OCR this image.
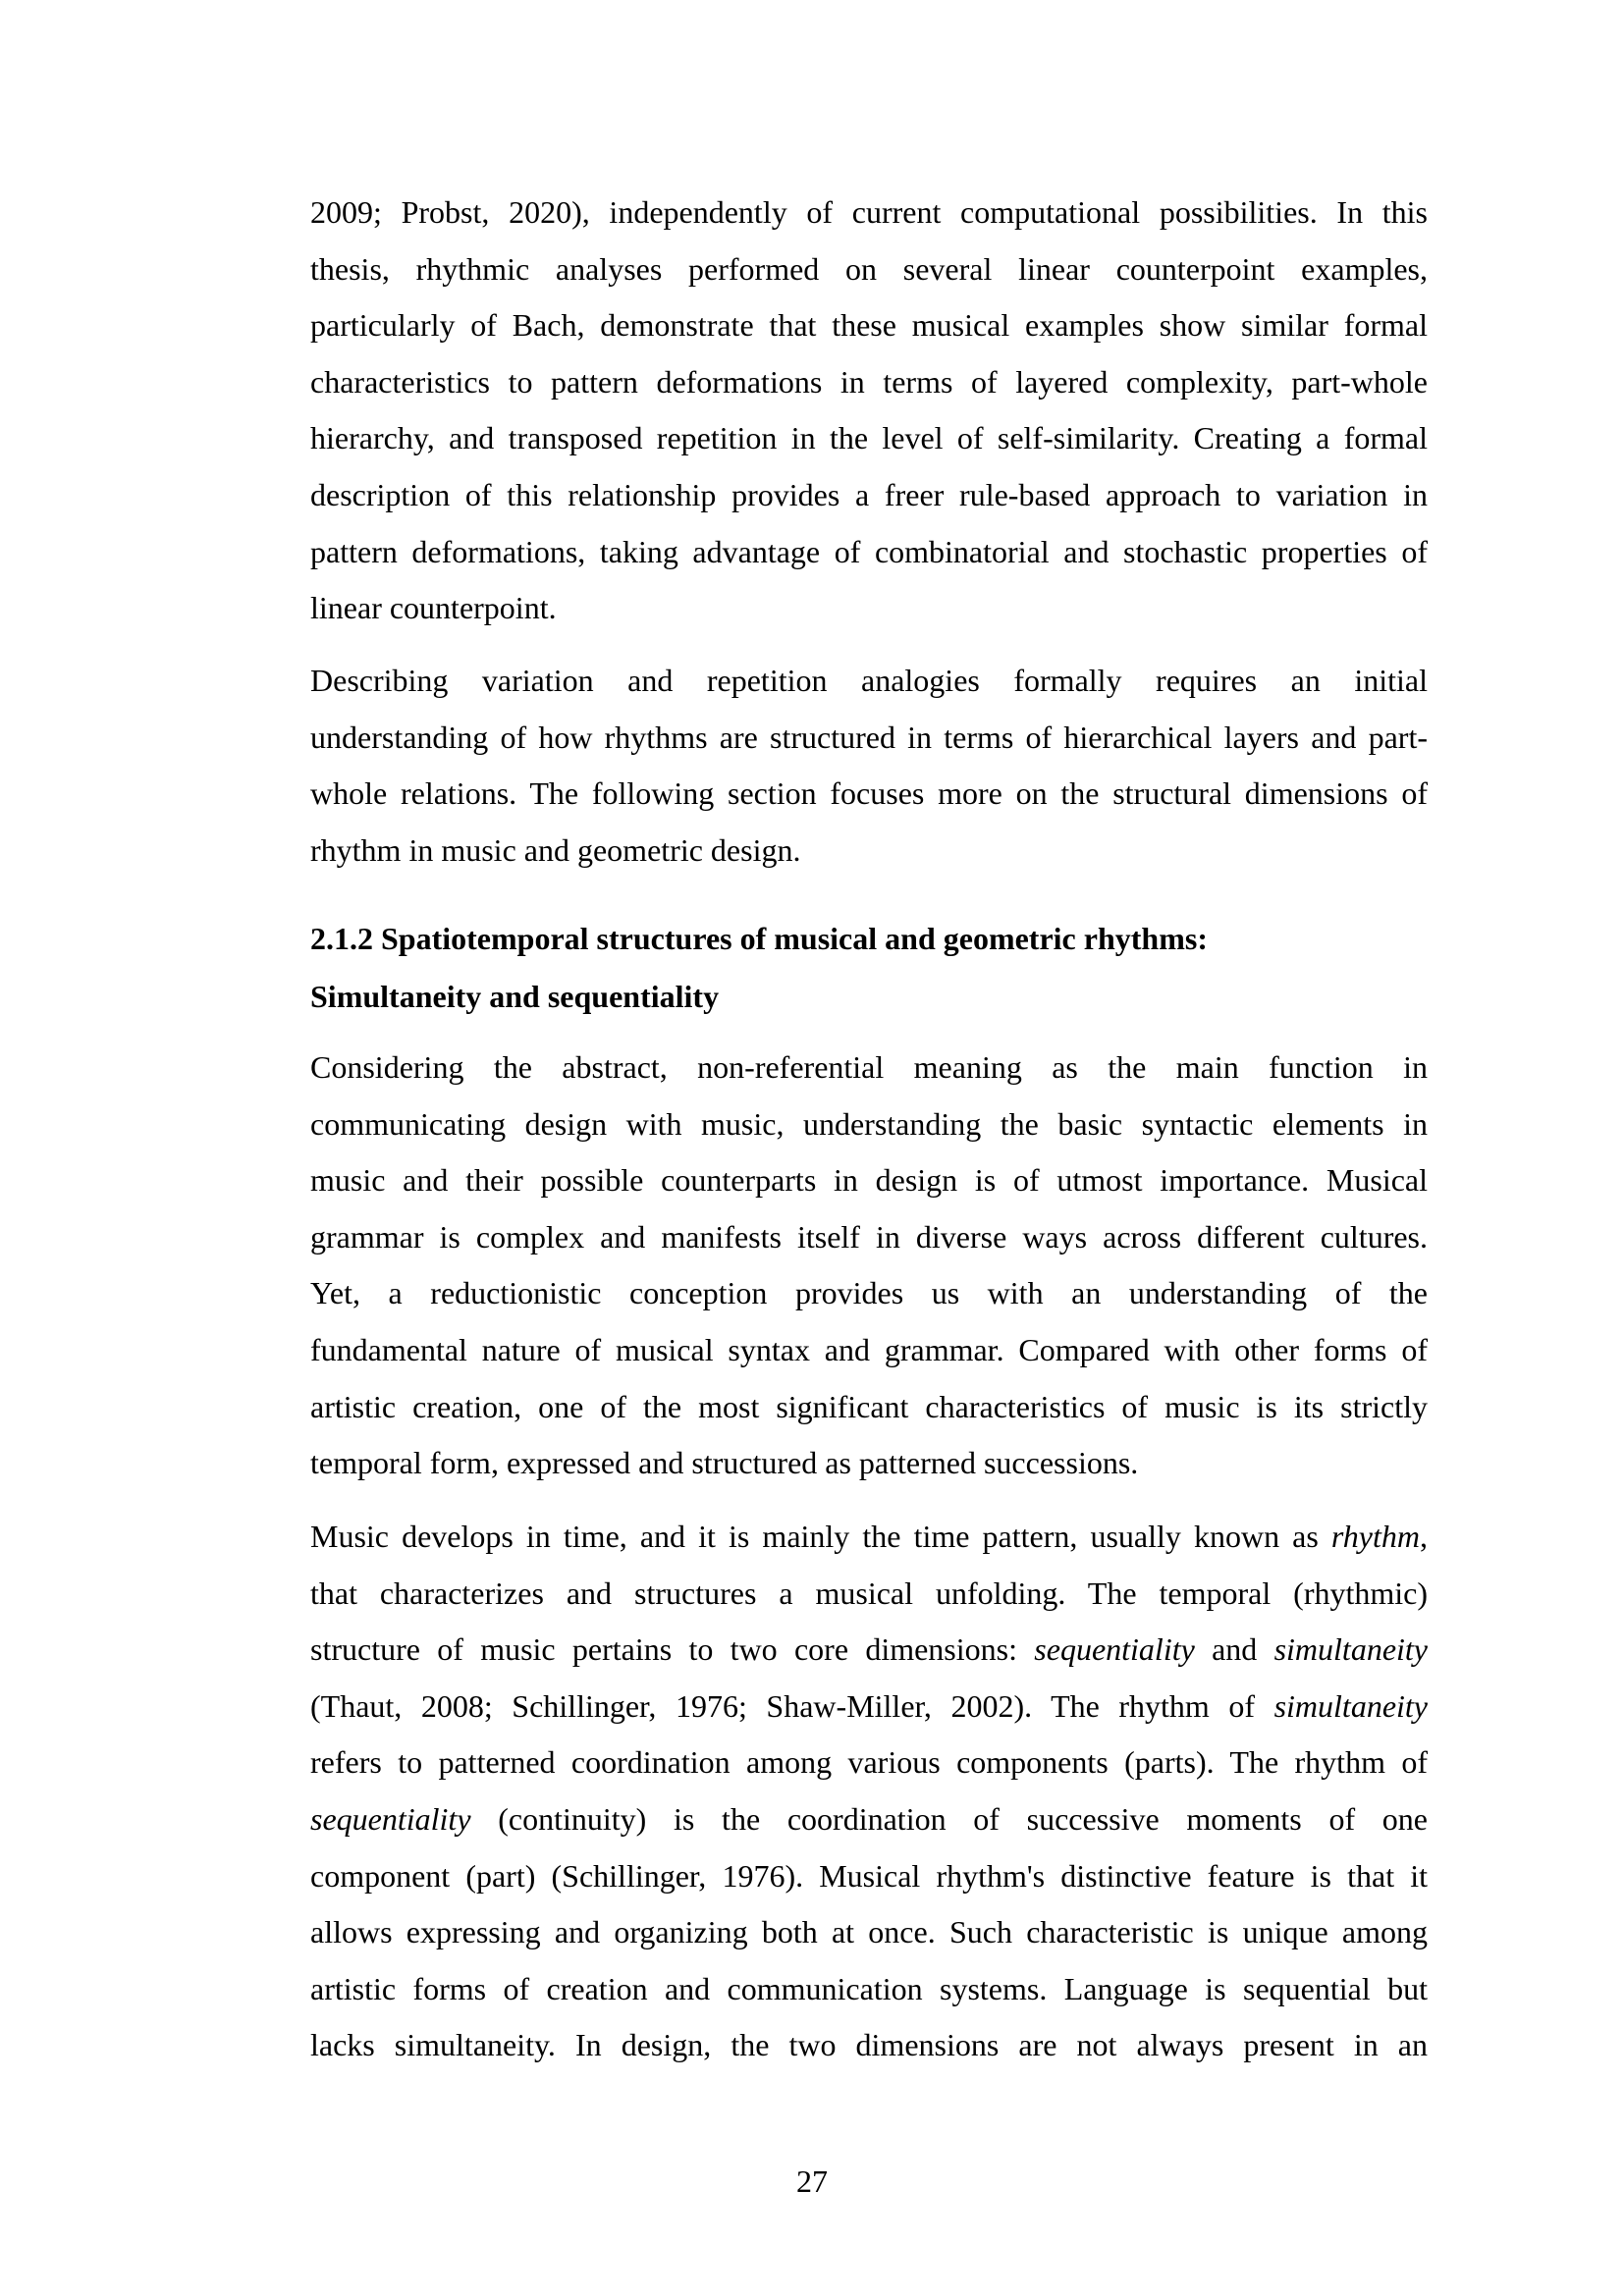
2009; Probst, 2020), independently of current computational possibilities. In this
thesis, rhythmic analyses performed on several linear counterpoint examples,
particularly of Bach, demonstrate that these musical examples show similar formal
characteristics to pattern deformations in terms of layered complexity, part-whole
hierarchy, and transposed repetition in the level of self-similarity. Creating a formal
description of this relationship provides a freer rule-based approach to variation in
pattern deformations, taking advantage of combinatorial and stochastic properties of
linear counterpoint.
Describing variation and repetition analogies formally requires an initial
understanding of how rhythms are structured in terms of hierarchical layers and part-
whole relations. The following section focuses more on the structural dimensions of
rhythm in music and geometric design.
2.1.2 Spatiotemporal structures of musical and geometric rhythms:
Simultaneity and sequentiality
Considering the abstract, non-referential meaning as the main function in
communicating design with music, understanding the basic syntactic elements in
music and their possible counterparts in design is of utmost importance. Musical
grammar is complex and manifests itself in diverse ways across different cultures.
Yet, a reductionistic conception provides us with an understanding of the
fundamental nature of musical syntax and grammar. Compared with other forms of
artistic creation, one of the most significant characteristics of music is its strictly
temporal form, expressed and structured as patterned successions.
Music develops in time, and it is mainly the time pattern, usually known as rhythm,
that characterizes and structures a musical unfolding. The temporal (rhythmic)
structure of music pertains to two core dimensions: sequentiality and simultaneity
(Thaut, 2008; Schillinger, 1976; Shaw-Miller, 2002). The rhythm of simultaneity
refers to patterned coordination among various components (parts). The rhythm of
sequentiality (continuity) is the coordination of successive moments of one
component (part) (Schillinger, 1976). Musical rhythm's distinctive feature is that it
allows expressing and organizing both at once. Such characteristic is unique among
artistic forms of creation and communication systems. Language is sequential but
lacks simultaneity. In design, the two dimensions are not always present in an
27
